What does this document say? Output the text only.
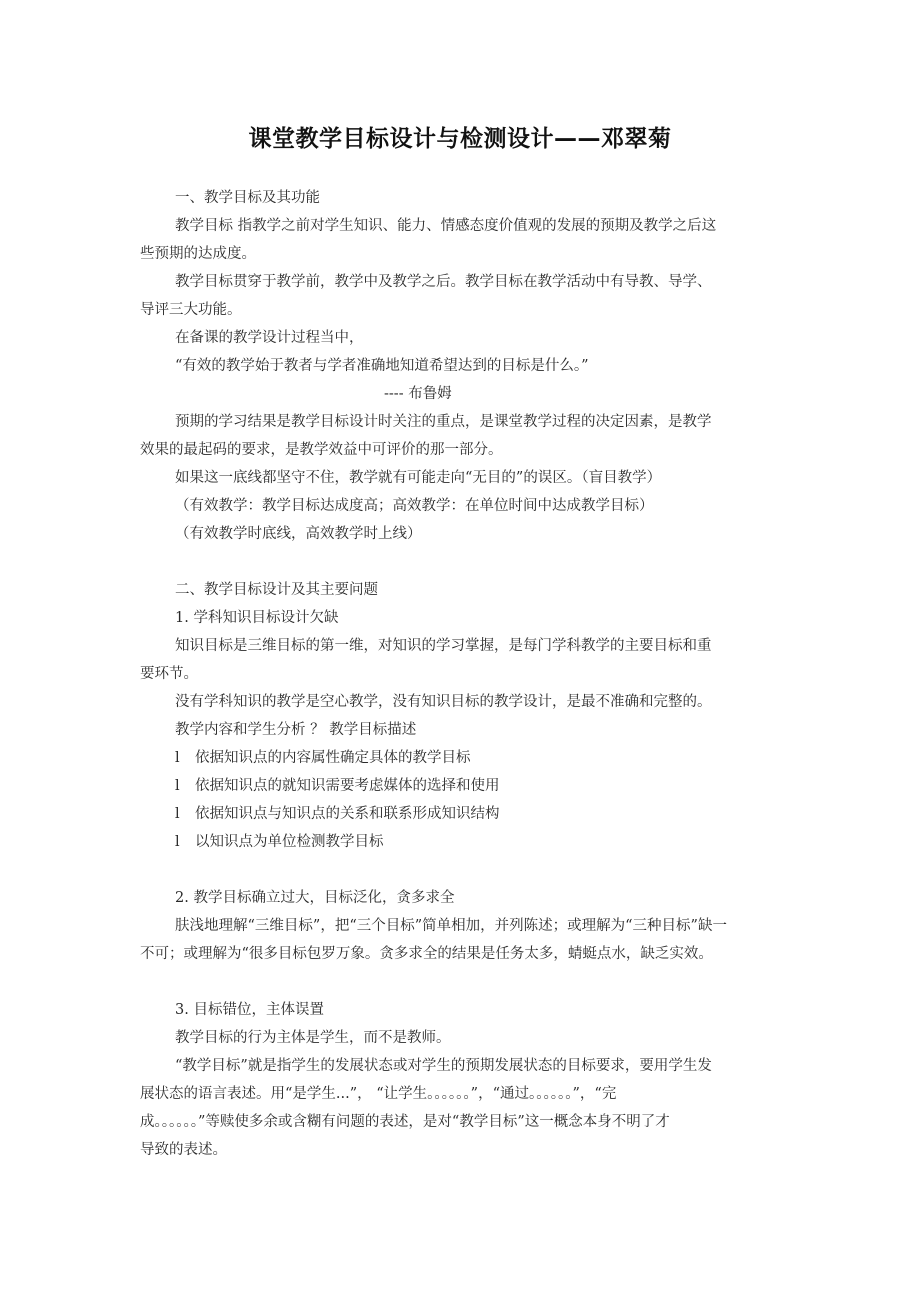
课堂教学目标设计与检测设计——邓翠菊
一、教学目标及其功能
教学目标 指教学之前对学生知识、能力、情感态度价值观的发展的预期及教学之后这
些预期的达成度。
教学目标贯穿于教学前，教学中及教学之后。教学目标在教学活动中有导教、导学、
导评三大功能。
在备课的教学设计过程当中，
“有效的教学始于教者与学者准确地知道希望达到的目标是什么。”
---- 布鲁姆
预期的学习结果是教学目标设计时关注的重点，是课堂教学过程的决定因素，是教学
效果的最起码的要求，是教学效益中可评价的那一部分。
如果这一底线都坚守不住，教学就有可能走向“无目的”的误区。（盲目教学）
（有效教学：教学目标达成度高；高效教学：在单位时间中达成教学目标）
（有效教学时底线，高效教学时上线）
二、教学目标设计及其主要问题
1. 学科知识目标设计欠缺
知识目标是三维目标的第一维，对知识的学习掌握，是每门学科教学的主要目标和重
要环节。
没有学科知识的教学是空心教学，没有知识目标的教学设计，是最不准确和完整的。
教学内容和学生分析 ？ 教学目标描述
l 依据知识点的内容属性确定具体的教学目标
l 依据知识点的就知识需要考虑媒体的选择和使用
l 依据知识点与知识点的关系和联系形成知识结构
l 以知识点为单位检测教学目标
2. 教学目标确立过大，目标泛化，贪多求全
肤浅地理解“三维目标”，把“三个目标”简单相加，并列陈述；或理解为“三种目标”缺一
不可；或理解为“很多目标包罗万象。贪多求全的结果是任务太多，蜻蜓点水，缺乏实效。
3. 目标错位，主体误置
教学目标的行为主体是学生，而不是教师。
“教学目标”就是指学生的发展状态或对学生的预期发展状态的目标要求，要用学生发
展状态的语言表述。用“是学生...”， “让学生。。。。。。”，“通过。。。。。。”，“完
成。。。。。。”等赎使多余或含糊有问题的表述，是对“教学目标”这一概念本身不明了才
导致的表述。
